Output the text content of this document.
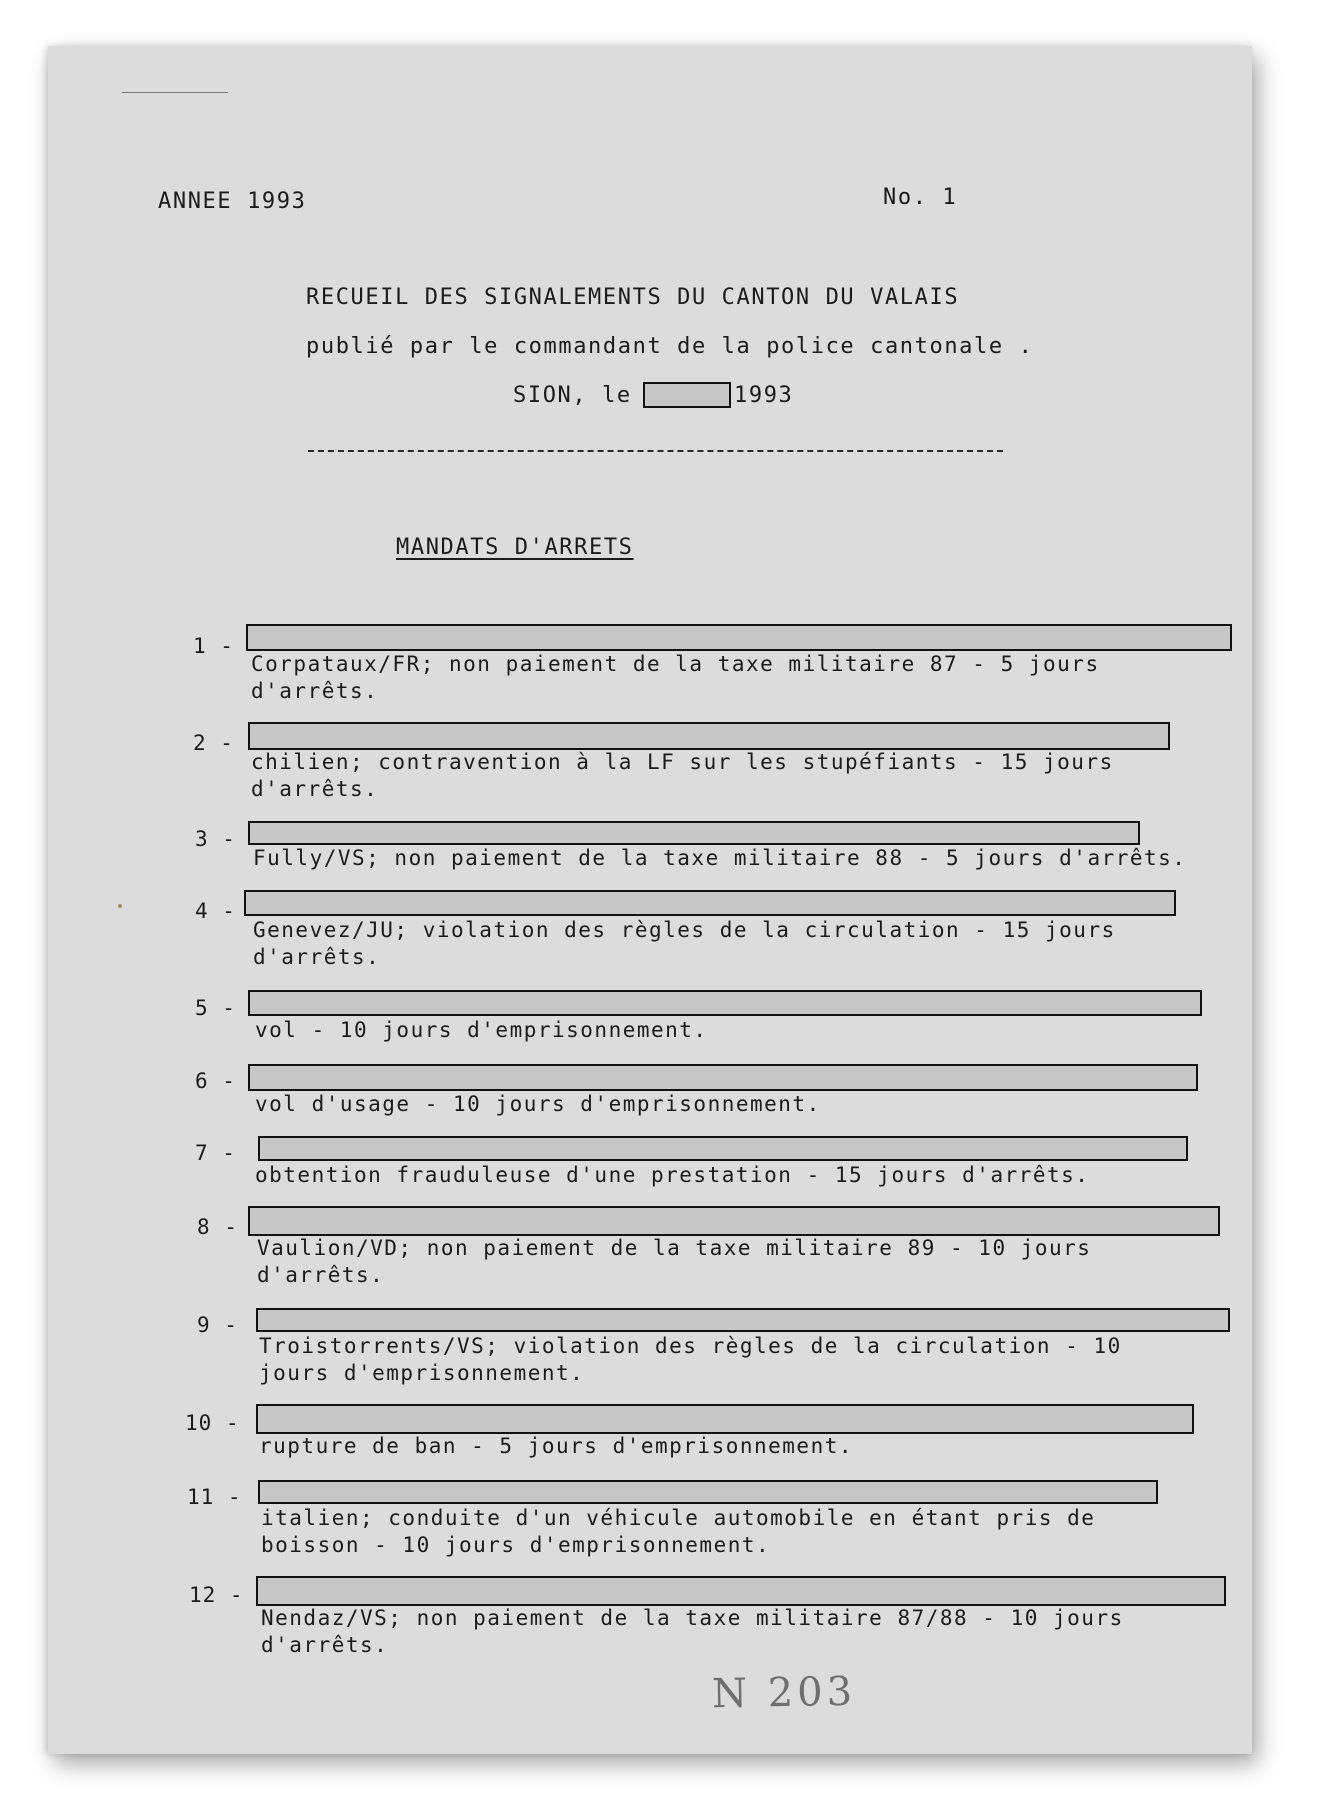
ANNEE 1993	No. 1
RECUEIL DES SIGNALEMENTS DU CANTON DU VALAIS
publié par le commandant de la police cantonale .
SION, le	1993
MANDATS D'ARRETS
1 -
Corpataux/FR; non paiement de la taxe militaire 87 - 5 jours
d'arrêts.
2 -
chilien; contravention à la LF sur les stupéfiants - 15 jours
d'arrêts.
3 -
Fully/VS; non paiement de la taxe militaire 88 - 5 jours d'arrêts.
4 -
Genevez/JU; violation des règles de la circulation - 15 jours
d'arrêts.
5 -
vol - 10 jours d'emprisonnement.
6 -
vol d'usage - 10 jours d'emprisonnement.
7 -
obtention frauduleuse d'une prestation - 15 jours d'arrêts.
8 -
Vaulion/VD; non paiement de la taxe militaire 89 - 10 jours
d'arrêts.
9 -
Troistorrents/VS; violation des règles de la circulation - 10
jours d'emprisonnement.
10 -
rupture de ban - 5 jours d'emprisonnement.
11 -
italien; conduite d'un véhicule automobile en étant pris de
boisson - 10 jours d'emprisonnement.
12 -
Nendaz/VS; non paiement de la taxe militaire 87/88 - 10 jours
d'arrêts.
N 203
